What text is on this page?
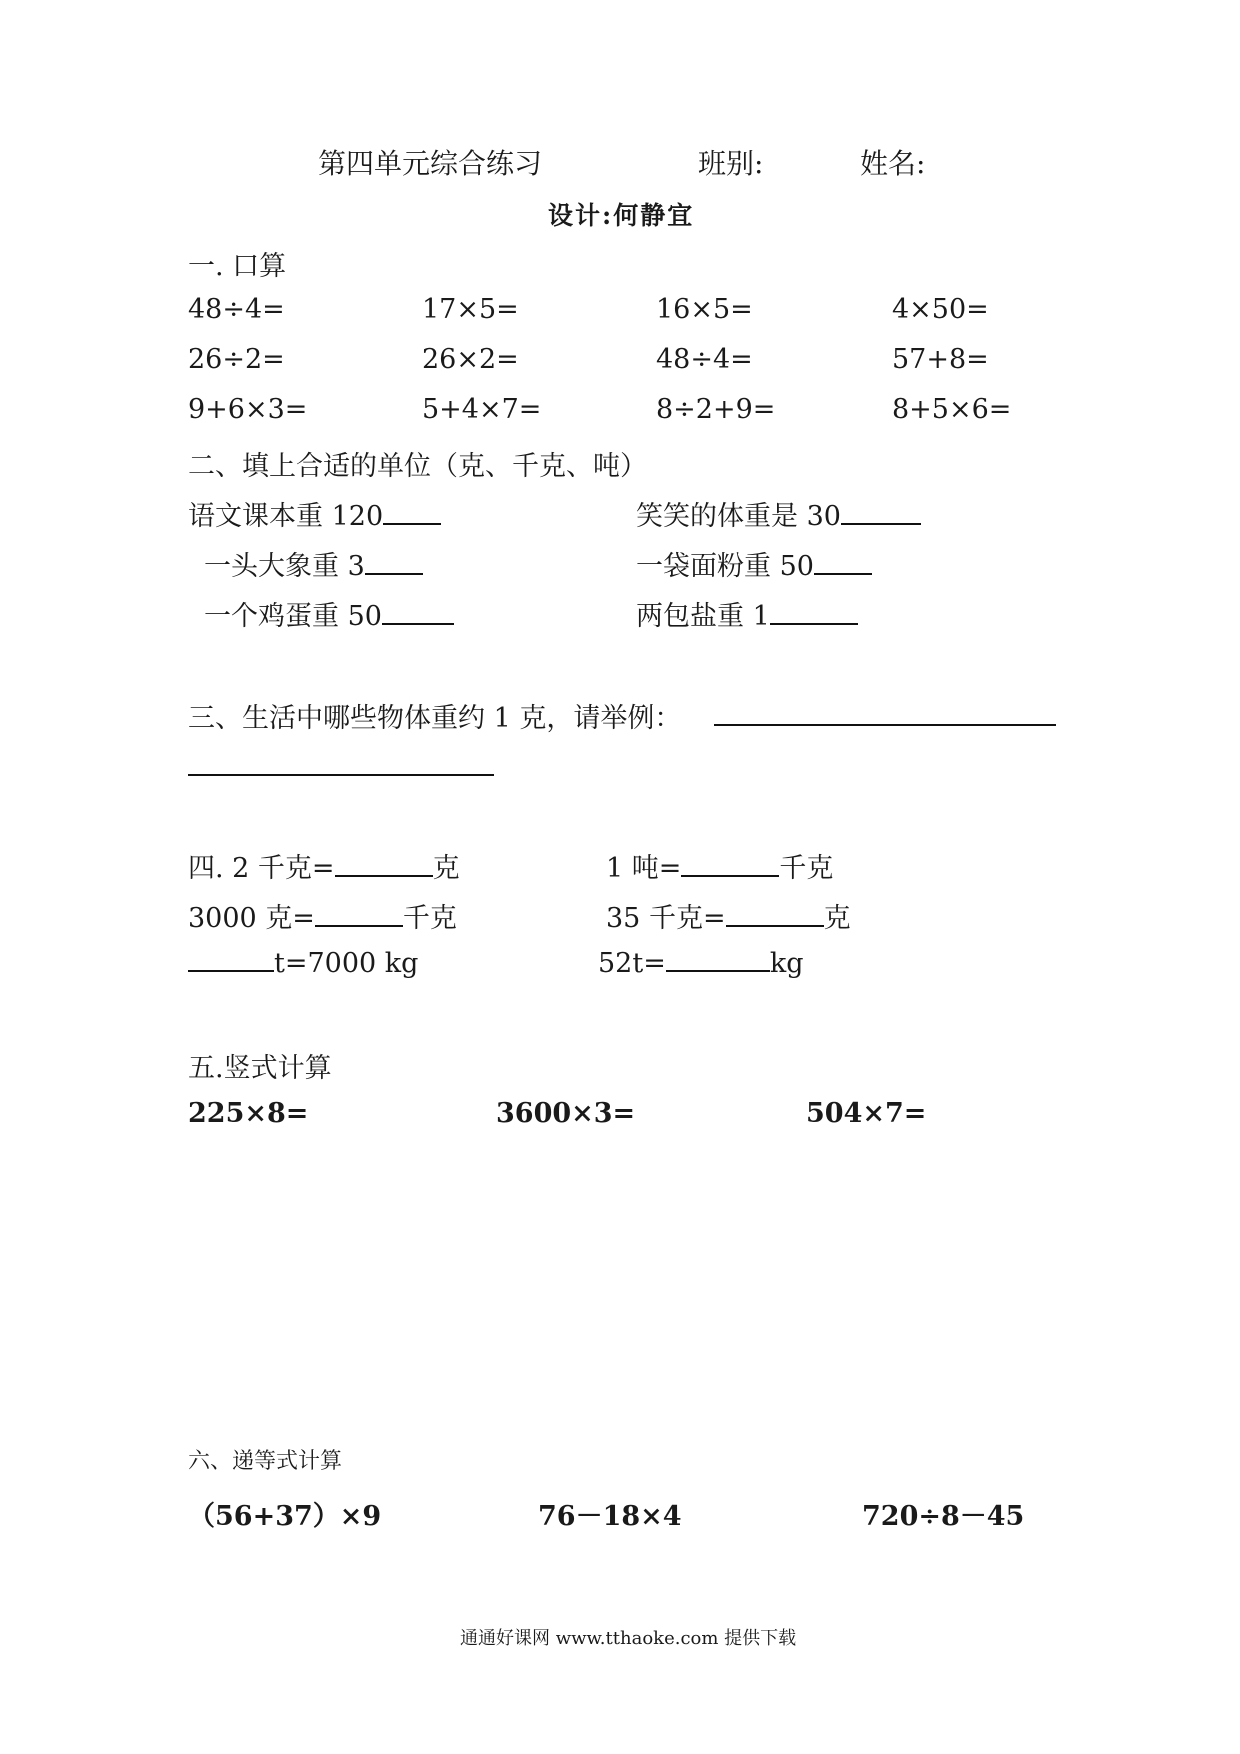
第四单元综合练习	班别:	姓名:
设计:何静宜
一. 口算
48÷4=	17×5=	16×5=	4×50=
26÷2=	26×2=	48÷4=	57+8=
9+6×3=	5+4×7=	8÷2+9=	8+5×6=
二、填上合适的单位（克、千克、吨）
语文课本重 120	笑笑的体重是 30
一头大象重 3	一袋面粉重 50
一个鸡蛋重 50	两包盐重 1
三、生活中哪些物体重约 1 克，请举例：
四. 2 千克=	克	1 吨=	千克
3000 克=	千克	35 千克=	克
t=7000 kg	52t=	kg
五.竖式计算
225×8=	3600×3=	504×7=
六、递等式计算
（56+37）×9	76－18×4	720÷8－45
通通好课网 www.tthaoke.com 提供下载
